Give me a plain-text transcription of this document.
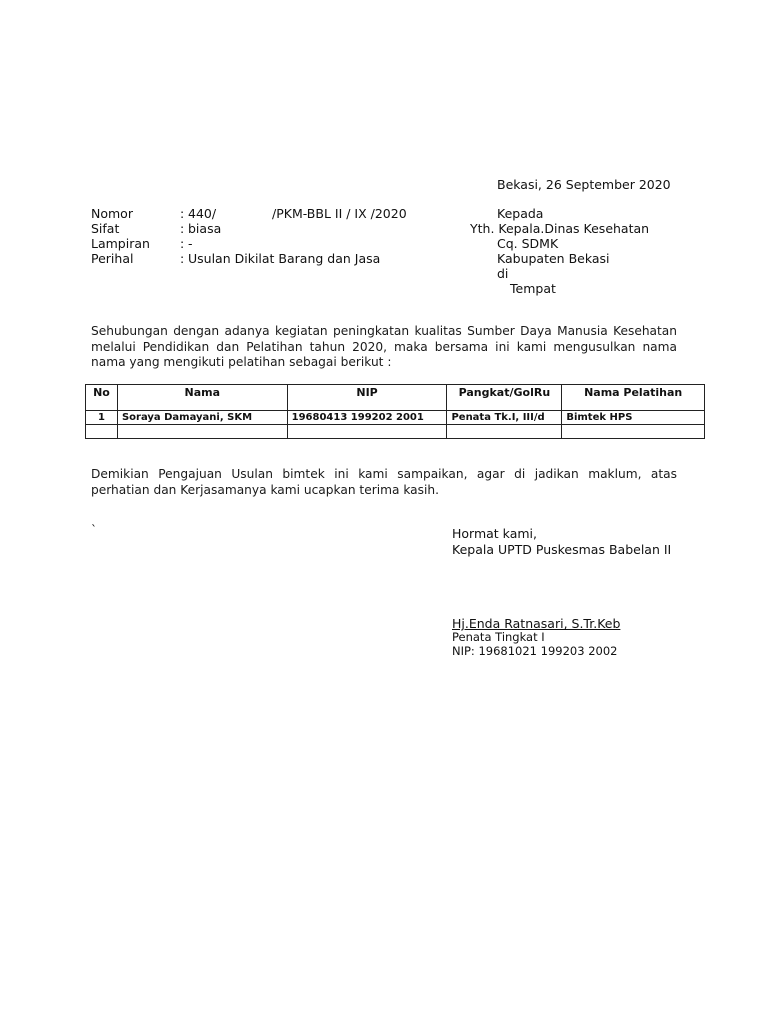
Bekasi, 26 September 2020
Nomor	: 440/	/PKM-BBL II / IX /2020
Sifat	: biasa
Lampiran : -
Perihal	: Usulan Dikilat Barang dan Jasa
Kepada
Yth. Kepala.Dinas Kesehatan
Cq. SDMK
Kabupaten Bekasi
di
Tempat
Sehubungan dengan adanya kegiatan peningkatan kualitas Sumber Daya Manusia Kesehatan melalui Pendidikan dan Pelatihan tahun 2020, maka bersama ini kami mengusulkan nama nama yang mengikuti pelatihan sebagai berikut :
No	Nama	NIP	Pangkat/GolRu	Nama Pelatihan
1	Soraya Damayani, SKM	19680413 199202 2001	Penata Tk.I, III/d	Bimtek HPS

Demikian Pengajuan Usulan bimtek ini kami sampaikan, agar di jadikan maklum, atas perhatian dan Kerjasamanya kami ucapkan terima kasih.
`	Hormat kami,
Kepala UPTD Puskesmas Babelan II
Hj.Enda Ratnasari, S.Tr.Keb
Penata Tingkat I
NIP: 19681021 199203 2002
